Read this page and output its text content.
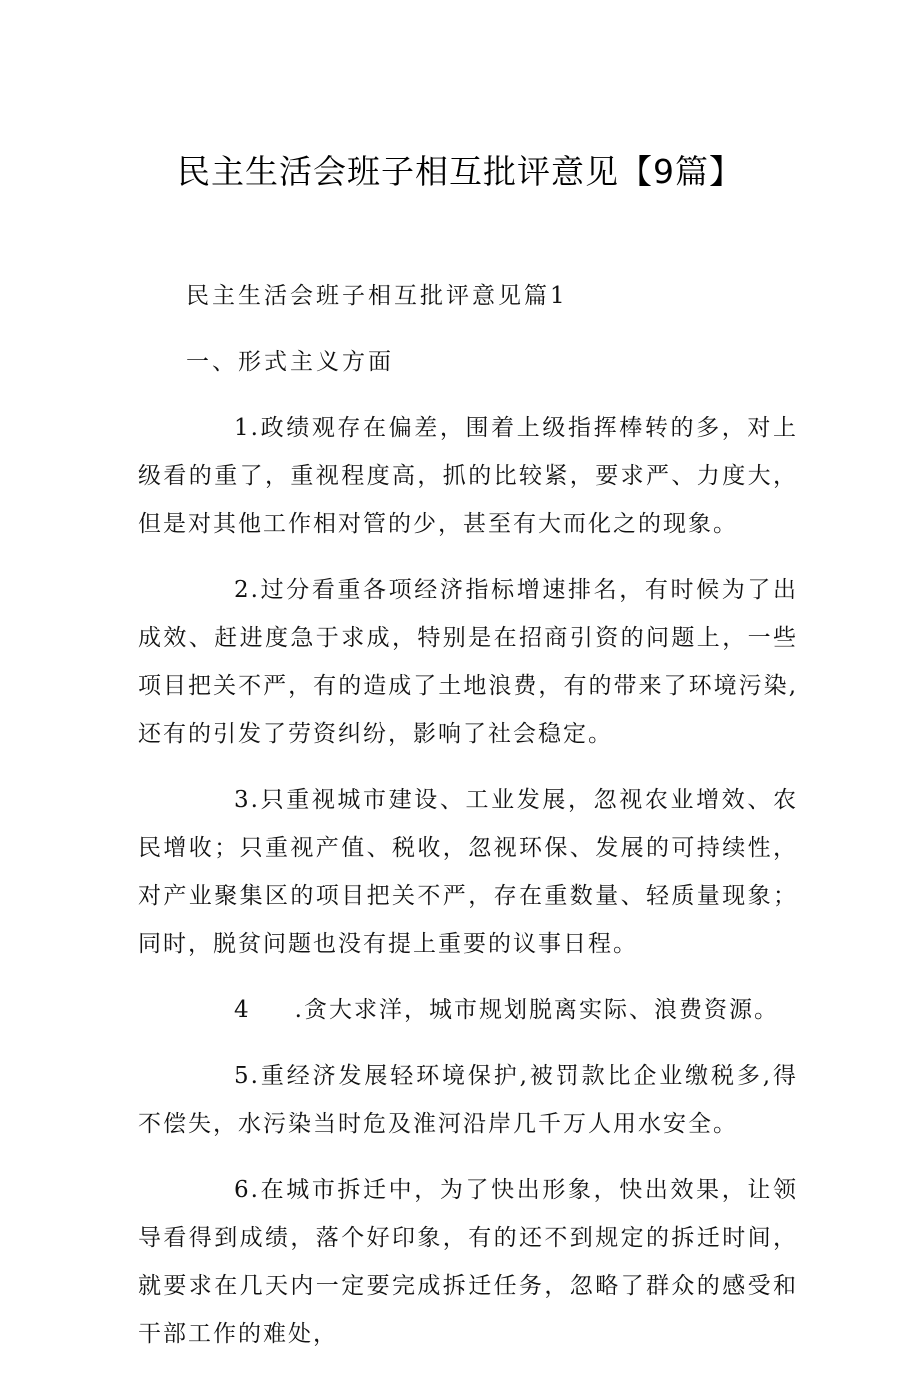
民主生活会班子相互批评意见【9篇】

民主生活会班子相互批评意见篇1

一、形式主义方面

1.政绩观存在偏差，围着上级指挥棒转的多，对上级看的重了，重视程度高，抓的比较紧，要求严、力度大，但是对其他工作相对管的少，甚至有大而化之的现象。

2.过分看重各项经济指标增速排名，有时候为了出成效、赶进度急于求成，特别是在招商引资的问题上，一些项目把关不严，有的造成了土地浪费，有的带来了环境污染,还有的引发了劳资纠纷，影响了社会稳定。

3.只重视城市建设、工业发展，忽视农业增效、农民增收；只重视产值、税收，忽视环保、发展的可持续性，对产业聚集区的项目把关不严，存在重数量、轻质量现象；同时，脱贫问题也没有提上重要的议事日程。

4 .贪大求洋，城市规划脱离实际、浪费资源。

5.重经济发展轻环境保护,被罚款比企业缴税多,得不偿失，水污染当时危及淮河沿岸几千万人用水安全。

6.在城市拆迁中，为了快出形象，快出效果，让领导看得到成绩，落个好印象，有的还不到规定的拆迁时间，就要求在几天内一定要完成拆迁任务，忽略了群众的感受和干部工作的难处，
